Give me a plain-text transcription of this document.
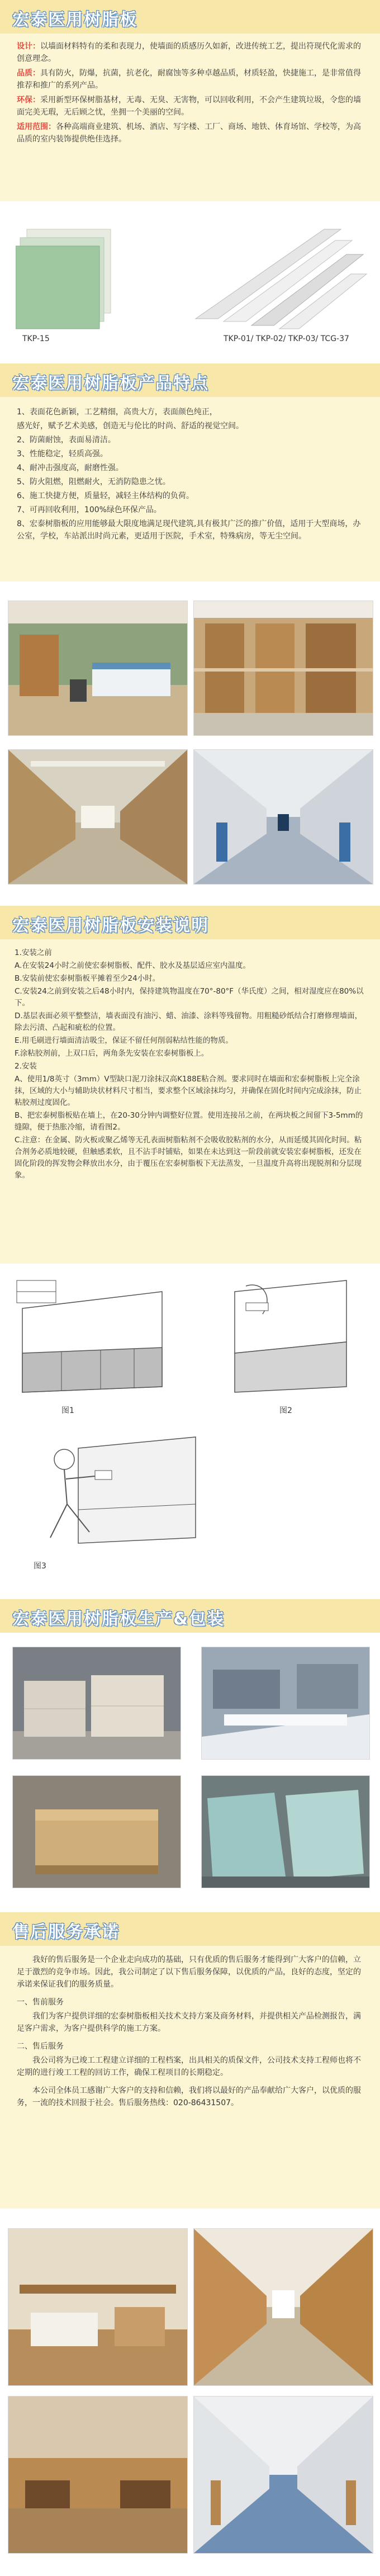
宏泰医用树脂板

设计：以墙面材料特有的柔和表现力，使墙面的质感历久如新，改进传统工艺，提出符现代化需求的创意理念。

品质：具有防火，防爆，抗菌，抗老化，耐腐蚀等多种卓越品质，材质轻盈，快捷施工，是非常值得推荐和推广的系列产品。

环保：采用新型环保树脂基材，无毒、无臭、无害物，可以回收利用，不会产生建筑垃圾，令您的墙面完美无瑕，无后顾之忧，坐拥一个美丽的空间。

适用范围：各种高端商业建筑、机场、酒店、写字楼、工厂、商场、地铁、体育场馆、学校等，为高品质的室内装饰提供绝佳选择。

TKP-15	TKP-01/ TKP-02/ TKP-03/ TCG-37
宏泰医用树脂板产品特点
1、表面花色新颖，工艺精细，高贵大方，表面颜色纯正，
感光好，赋予艺术美感，创造无与伦比的时尚、舒适的视觉空间。
2、防菌耐蚀，表面易清洁。
3、性能稳定，轻质高强。
4、耐冲击强度高，耐磨性强。
5、防火阻燃，阻燃耐火，无消防隐患之忧。
6、施工快捷方便，质量轻，减轻主体结构的负荷。
7、可再回收利用，100%绿色环保产品。
8、宏泰树脂板的应用能够最大限度地满足现代建筑,具有极其广泛的推广价值，适用于大型商场，办公室，学校，车站派出时尚元素，更适用于医院，手术室，特殊病房，等无尘空间。
宏泰医用树脂板安装说明
1.安装之前
A.在安装24小时之前使宏泰树脂板、配件、胶水及基层适应室内温度。
B.安装前使宏泰树脂板平摊着至少24小时。
C.安装24之前到安装之后48小时内，保持建筑物温度在70°-80°F（华氏度）之间，相对湿度应在80%以下。
D.基层表面必须平整整洁，墙表面没有油污、蜡、油漆、涂料等残留物。用粗糙砂纸结合打磨修理墙面，除去污渍、凸起和疵松的位置。
E.用毛刷进行墙面清洁吸尘，保证不留任何削弱粘结性能的物质。
F.涂粘胶剂前，上双口后，两角条先安装在宏泰树脂板上。
2.安装
A、使用1/8英寸（3mm）V型缺口泥刀涂抹汉高K188E粘合剂。要求同时在墙面和宏泰树脂板上完全涂抹，区域的大小与辅助块状材料尺寸相当，要求整个区域涂抹均匀，并确保在固化时间内完成涂抹，防止粘胶剂过度固化。
B、把宏泰树脂板贴在墙上，在20-30分钟内调整好位置。使用连接吊之前，在两块板之间留下3-5mm的缝隙，便于热胀冷缩，请看图2。
C.注意：在金属、防火板或聚乙烯等无孔表面树脂粘剂不会吸收胶粘剂的水分，从而延缓其固化时间。粘合剂务必质地较硬，但触感柔软，且不沾手时铺贴，如果在未达到这一阶段前就安装宏泰树脂板，还发在固化阶段的挥发物会释放出水分，由于覆压在宏泰树脂板下无法蒸发，一旦温度升高将出现脱剂和分层现象。
图1	图2
图3
宏泰医用树脂板生产&包装
售后服务承诺
我好的售后服务是一个企业走向成功的基础，只有优质的售后服务才能得到广大客户的信赖，立足于激烈的竞争市场。因此，我公司制定了以下售后服务保障，以优质的产品，良好的态度，坚定的承诺来保证我们的服务质量。
一、售前服务
我们为客户提供详细的宏泰树脂板相关技术支持方案及商务材料，并提供相关产品检测报告，满足客户需求，为客户提供科学的施工方案。
二、售后服务
我公司将为已竣工工程建立详细的工程档案，出具相关的质保文件，公司技术支持工程师也将不定期的进行竣工工程的回访工作，确保工程项目的长期稳定。
本公司全体员工感谢广大客户的支持和信赖，我们将以最好的产品奉献给广大客户，以优质的服务，一流的技术回报于社会。售后服务热线：020-86431507。
